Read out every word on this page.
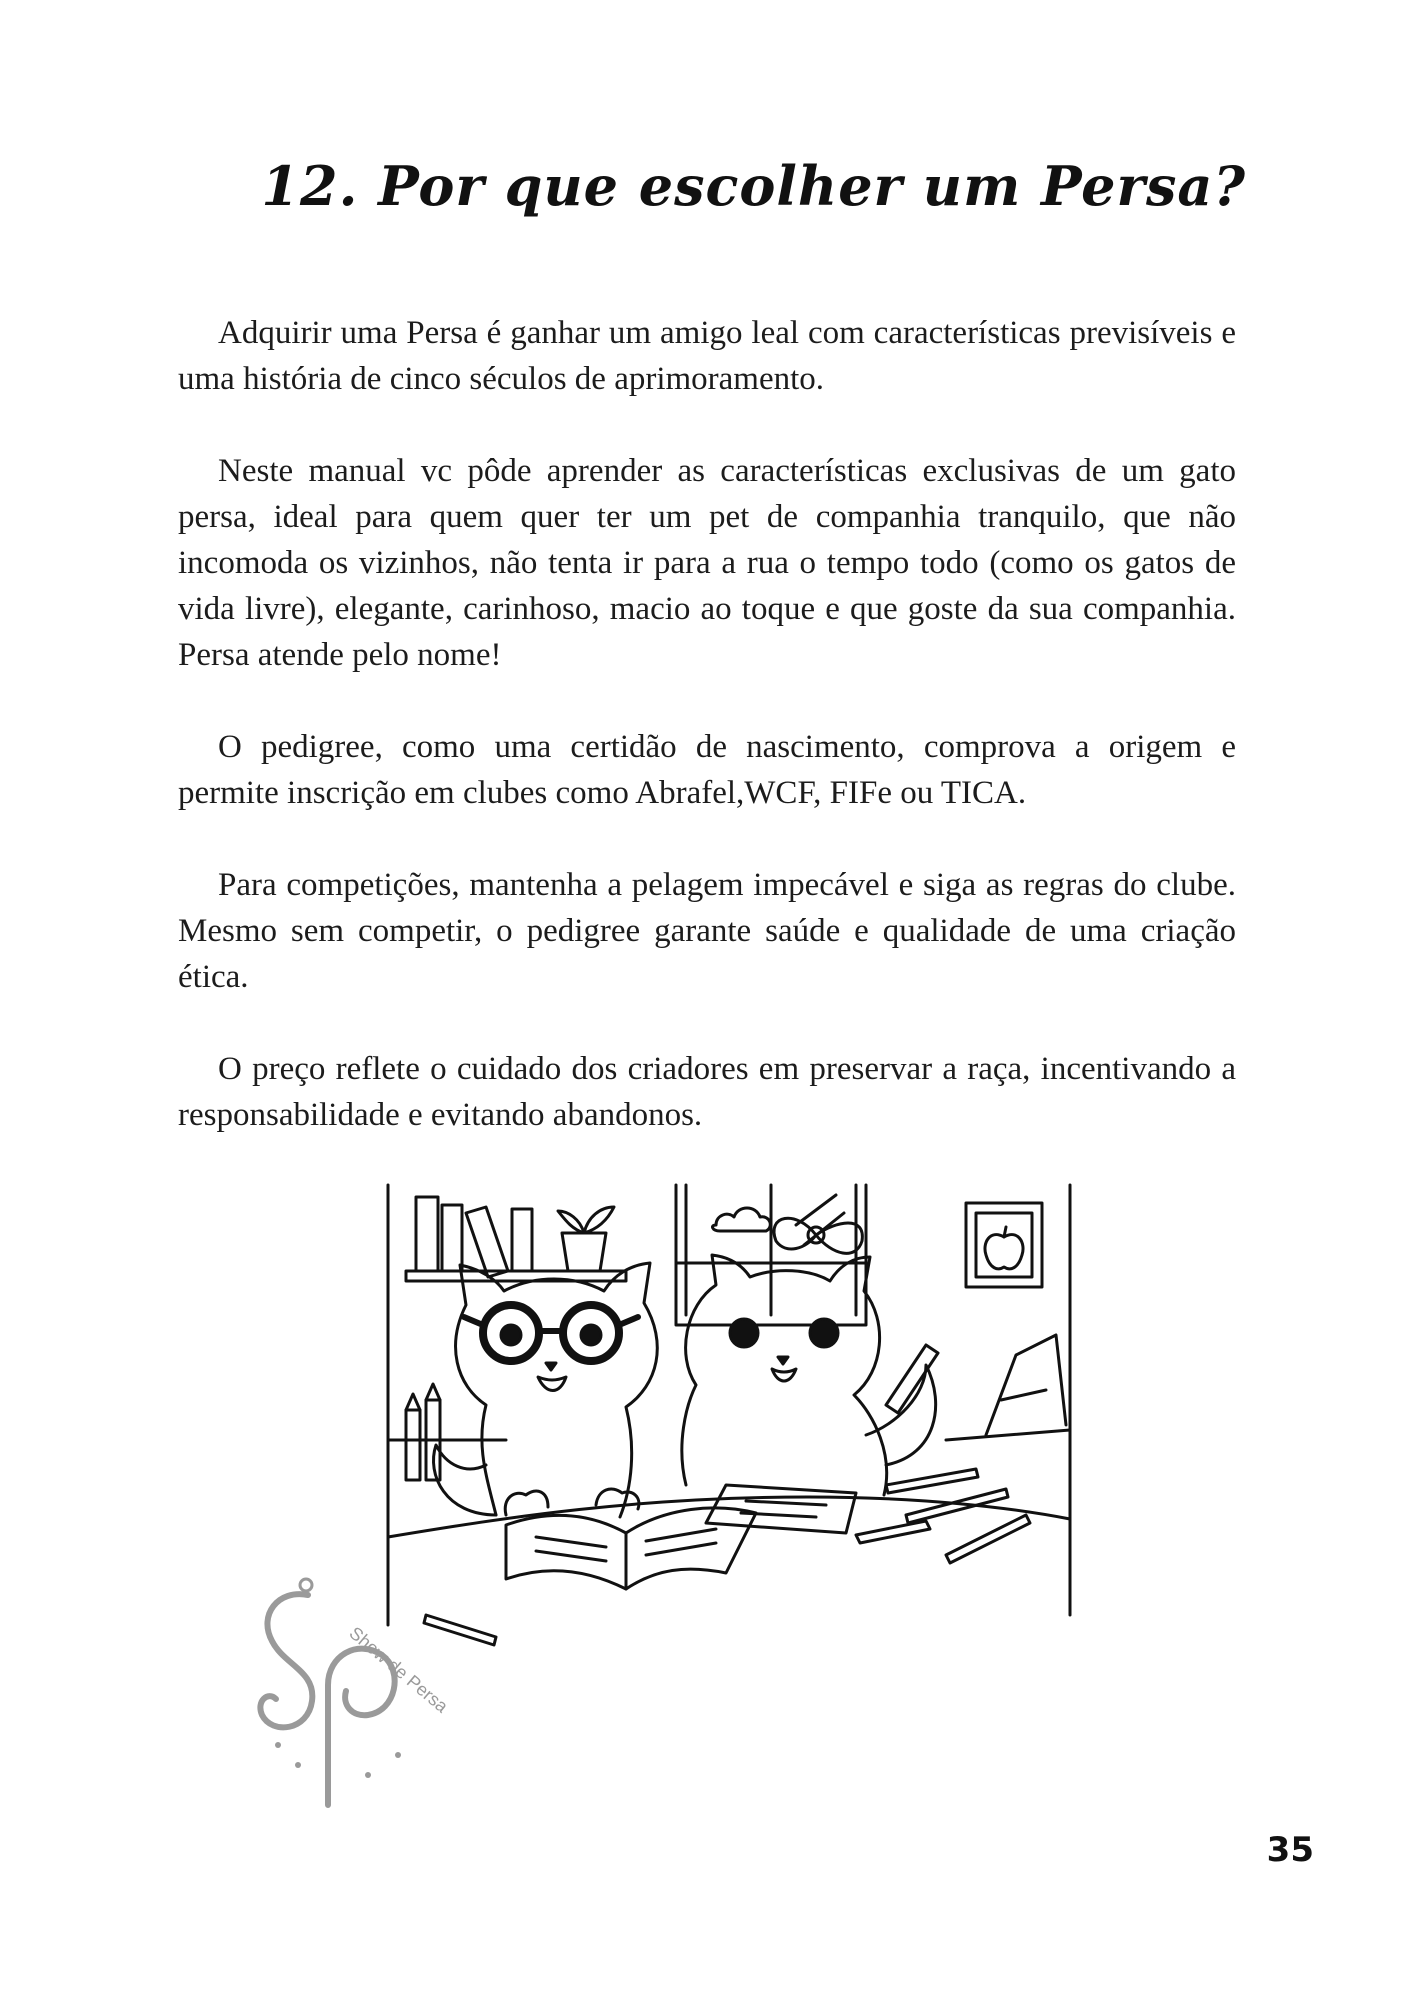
12. Por que escolher um Persa?

Adquirir uma Persa é ganhar um amigo leal com características previsíveis e uma história de cinco séculos de aprimoramento.

Neste manual vc pôde aprender as características exclusivas de um gato persa, ideal para quem quer ter um pet de companhia tranquilo, que não incomoda os vizinhos, não tenta ir para a rua o tempo todo (como os gatos de vida livre), elegante, carinhoso, macio ao toque e que goste da sua companhia. Persa atende pelo nome!

O pedigree, como uma certidão de nascimento, comprova a origem e permite inscrição em clubes como Abrafel,WCF, FIFe ou TICA.

Para competições, mantenha a pelagem impecável e siga as regras do clube. Mesmo sem competir, o pedigree garante saúde e qualidade de uma criação ética.

O preço reflete o cuidado dos criadores em preservar a raça, incentivando a responsabilidade e evitando abandonos.

Show de Persa
35
